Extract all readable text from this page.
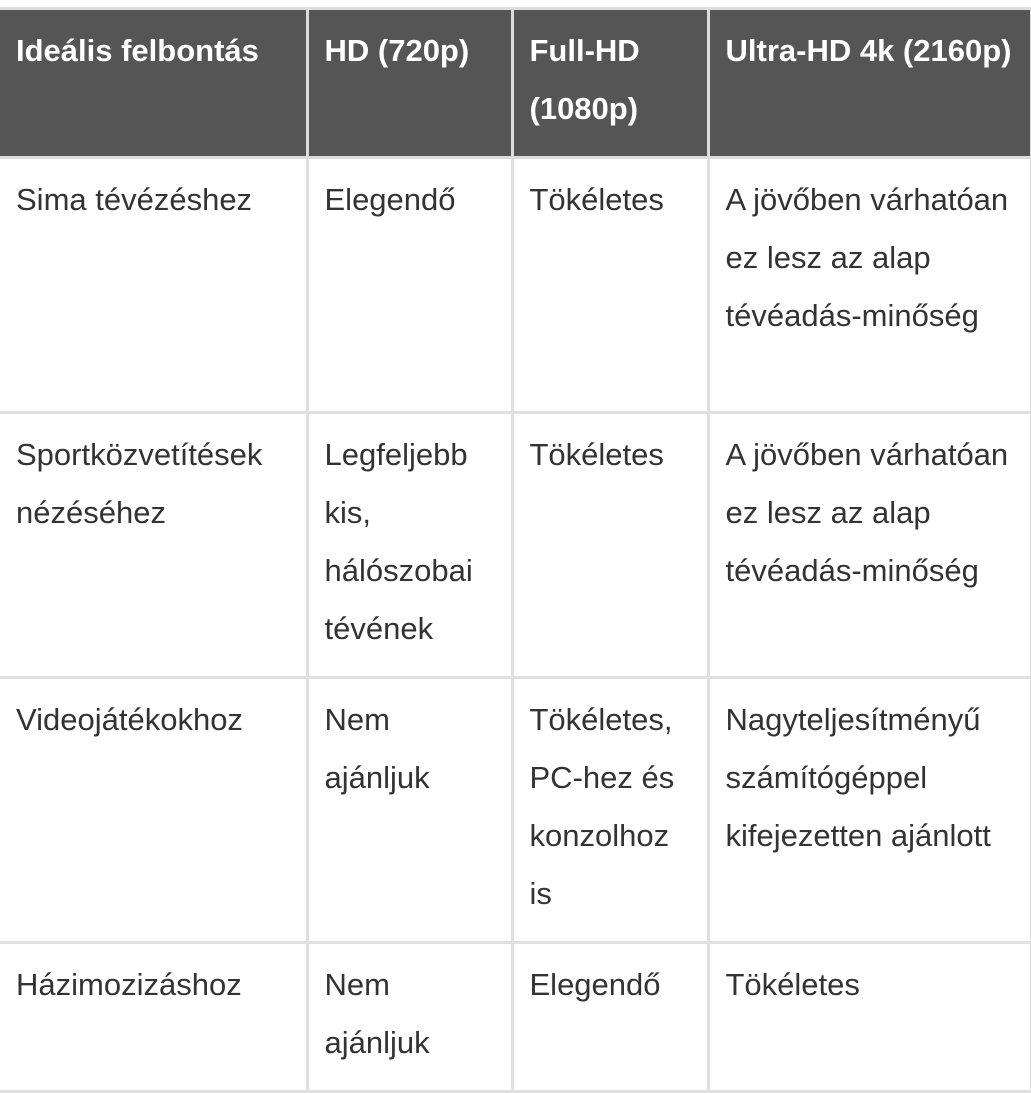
Ideális felbontás	HD (720p)	Full-HD (1080p)	Ultra-HD 4k (2160p)
Sima tévézéshez	Elegendő	Tökéletes	A jövőben várhatóan ez lesz az alap tévéadás-minőség
Sportközvetítések nézéséhez	Legfeljebb kis, hálószobai tévének	Tökéletes	A jövőben várhatóan ez lesz az alap tévéadás-minőség
Videojátékokhoz	Nem ajánljuk	Tökéletes, PC-hez és konzolhoz is	Nagyteljesítményű számítógéppel kifejezetten ajánlott
Házimozizáshoz	Nem ajánljuk	Elegendő	Tökéletes
